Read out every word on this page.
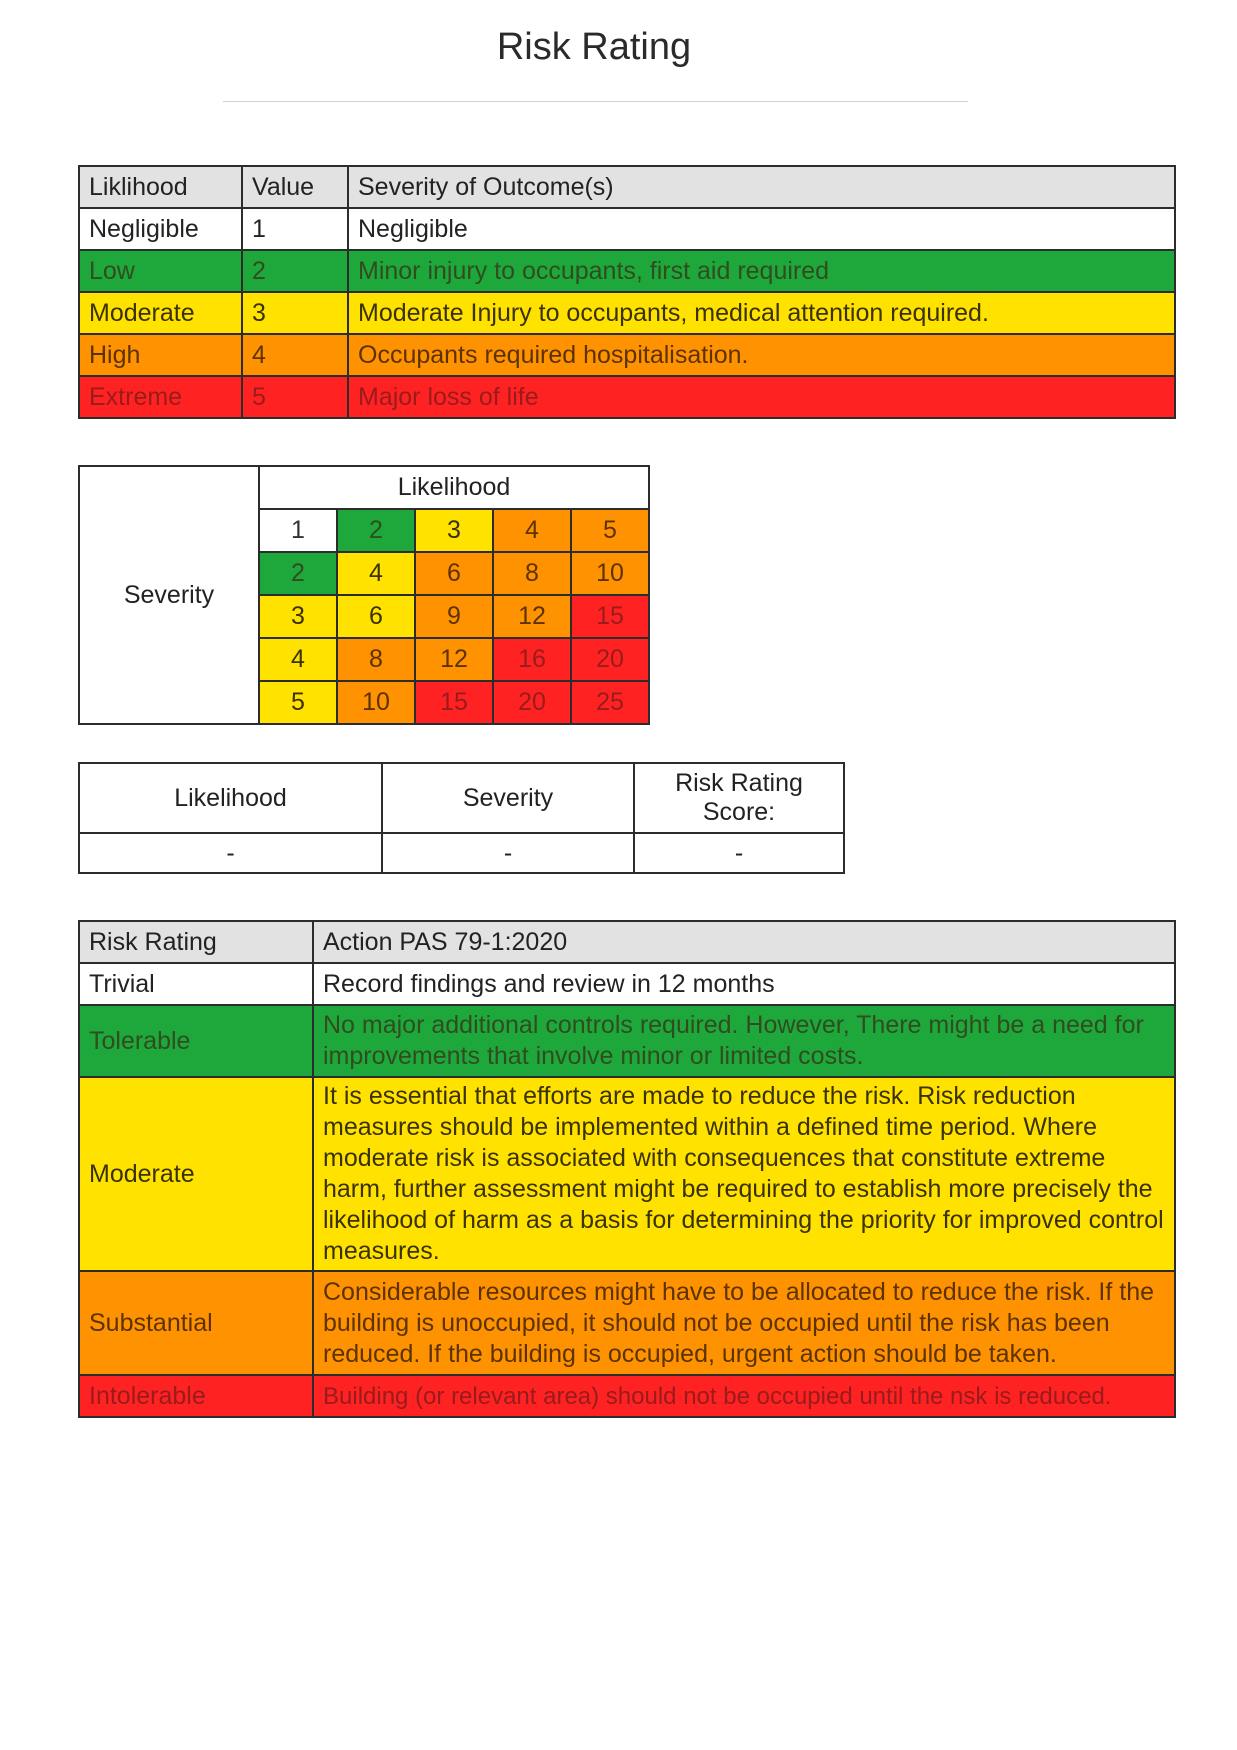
Risk Rating
Liklihood	Value	Severity of Outcome(s)
Negligible	1	Negligible
Low	2	Minor injury to occupants, first aid required
Moderate	3	Moderate Injury to occupants, medical attention required.
High	4	Occupants required hospitalisation.
Extreme	5	Major loss of life
Severity	Likelihood				
	1	2	3	4	5
	2	4	6	8	10
	3	6	9	12	15
	4	8	12	16	20
	5	10	15	20	25
Likelihood	Severity	Risk Rating Score:
-	-	-
Risk Rating	Action PAS 79-1:2020
Trivial	Record findings and review in 12 months
Tolerable	No major additional controls required. However, There might be a need for improvements that involve minor or limited costs.
Moderate	It is essential that efforts are made to reduce the risk. Risk reduction measures should be implemented within a defined time period. Where moderate risk is associated with consequences that constitute extreme harm, further assessment might be required to establish more precisely the likelihood of harm as a basis for determining the priority for improved control measures.
Substantial	Considerable resources might have to be allocated to reduce the risk. If the building is unoccupied, it should not be occupied until the risk has been reduced. If the building is occupied, urgent action should be taken.
Intolerable	Building (or relevant area) should not be occupied until the nsk is reduced.
